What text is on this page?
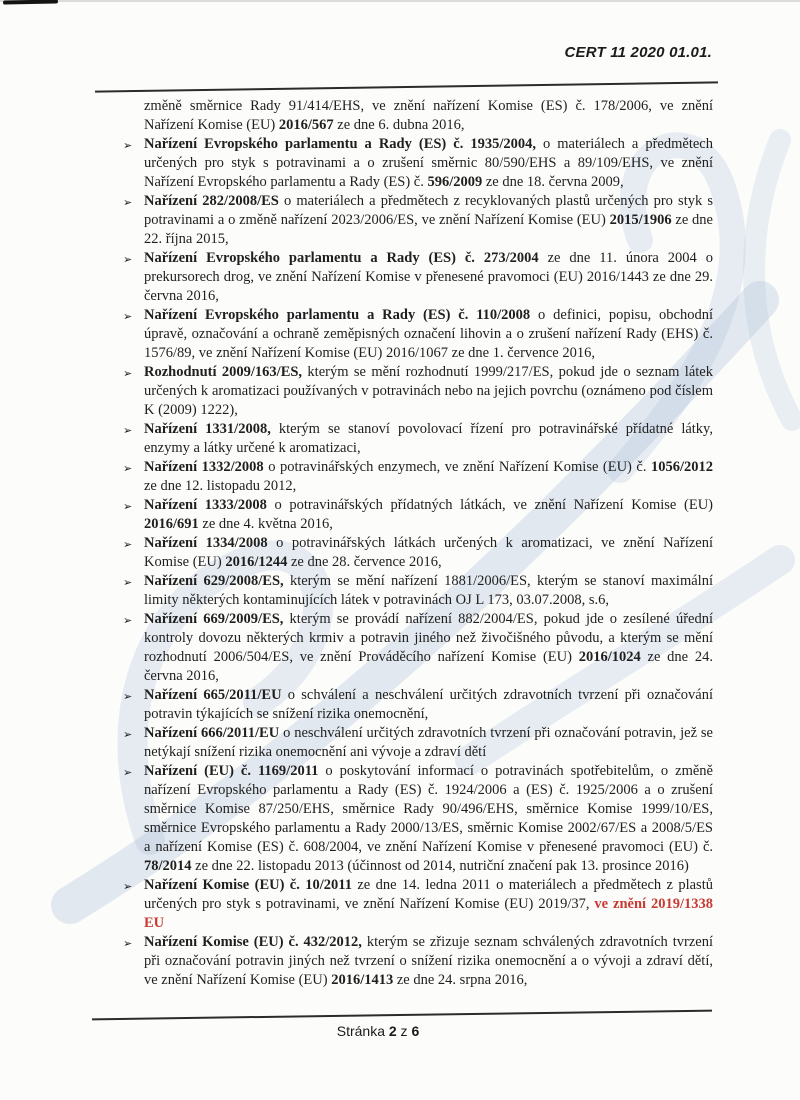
CERT 11 2020 01.01.
změně směrnice Rady 91/414/EHS, ve znění nařízení Komise (ES) č. 178/2006, ve znění Nařízení Komise (EU) 2016/567 ze dne 6. dubna 2016,
➢ Nařízení Evropského parlamentu a Rady (ES) č. 1935/2004, o materiálech a předmětech určených pro styk s potravinami a o zrušení směrnic 80/590/EHS a 89/109/EHS, ve znění Nařízení Evropského parlamentu a Rady (ES) č. 596/2009 ze dne 18. června 2009,
➢ Nařízení 282/2008/ES o materiálech a předmětech z recyklovaných plastů určených pro styk s potravinami a o změně nařízení 2023/2006/ES, ve znění Nařízení Komise (EU) 2015/1906 ze dne 22. října 2015,
➢ Nařízení Evropského parlamentu a Rady (ES) č. 273/2004 ze dne 11. února 2004 o prekursorech drog, ve znění Nařízení Komise v přenesené pravomoci (EU) 2016/1443 ze dne 29. června 2016,
➢ Nařízení Evropského parlamentu a Rady (ES) č. 110/2008 o definici, popisu, obchodní úpravě, označování a ochraně zeměpisných označení lihovin a o zrušení nařízení Rady (EHS) č. 1576/89, ve znění Nařízení Komise (EU) 2016/1067 ze dne 1. července 2016,
➢ Rozhodnutí 2009/163/ES, kterým se mění rozhodnutí 1999/217/ES, pokud jde o seznam látek určených k aromatizaci používaných v potravinách nebo na jejich povrchu (oznámeno pod číslem K (2009) 1222),
➢ Nařízení 1331/2008, kterým se stanoví povolovací řízení pro potravinářské přídatné látky, enzymy a látky určené k aromatizaci,
➢ Nařízení 1332/2008 o potravinářských enzymech, ve znění Nařízení Komise (EU) č. 1056/2012 ze dne 12. listopadu 2012,
➢ Nařízení 1333/2008 o potravinářských přídatných látkách, ve znění Nařízení Komise (EU) 2016/691 ze dne 4. května 2016,
➢ Nařízení 1334/2008 o potravinářských látkách určených k aromatizaci, ve znění Nařízení Komise (EU) 2016/1244 ze dne 28. července 2016,
➢ Nařízení 629/2008/ES, kterým se mění nařízení 1881/2006/ES, kterým se stanoví maximální limity některých kontaminujících látek v potravinách OJ L 173, 03.07.2008, s.6,
➢ Nařízení 669/2009/ES, kterým se provádí nařízení 882/2004/ES, pokud jde o zesílené úřední kontroly dovozu některých krmiv a potravin jiného než živočišného původu, a kterým se mění rozhodnutí 2006/504/ES, ve znění Prováděcího nařízení Komise (EU) 2016/1024 ze dne 24. června 2016,
➢ Nařízení 665/2011/EU o schválení a neschválení určitých zdravotních tvrzení při označování potravin týkajících se snížení rizika onemocnění,
➢ Nařízení 666/2011/EU o neschválení určitých zdravotních tvrzení při označování potravin, jež se netýkají snížení rizika onemocnění ani vývoje a zdraví dětí
➢ Nařízení (EU) č. 1169/2011 o poskytování informací o potravinách spotřebitelům, o změně nařízení Evropského parlamentu a Rady (ES) č. 1924/2006 a (ES) č. 1925/2006 a o zrušení směrnice Komise 87/250/EHS, směrnice Rady 90/496/EHS, směrnice Komise 1999/10/ES, směrnice Evropského parlamentu a Rady 2000/13/ES, směrnic Komise 2002/67/ES a 2008/5/ES a nařízení Komise (ES) č. 608/2004, ve znění Nařízení Komise v přenesené pravomoci (EU) č. 78/2014 ze dne 22. listopadu 2013 (účinnost od 2014, nutriční značení pak 13. prosince 2016)
➢ Nařízení Komise (EU) č. 10/2011 ze dne 14. ledna 2011 o materiálech a předmětech z plastů určených pro styk s potravinami, ve znění Nařízení Komise (EU) 2019/37, ve znění 2019/1338 EU
➢ Nařízení Komise (EU) č. 432/2012, kterým se zřizuje seznam schválených zdravotních tvrzení při označování potravin jiných než tvrzení o snížení rizika onemocnění a o vývoji a zdraví dětí, ve znění Nařízení Komise (EU) 2016/1413 ze dne 24. srpna 2016,
Stránka 2 z 6
